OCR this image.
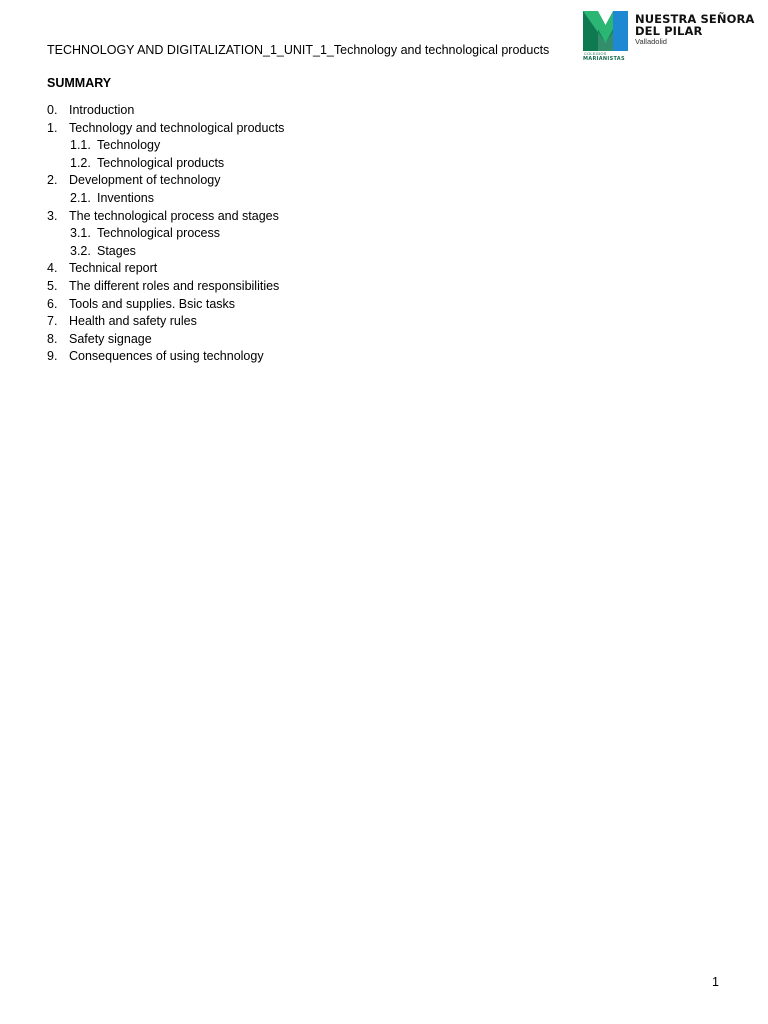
COLEGIOS
MARIANISTAS
NUESTRA SEÑORA
DEL PILAR
Valladolid
TECHNOLOGY AND DIGITALIZATION_1_UNIT_1_Technology and technological products
SUMMARY
0. Introduction
1. Technology and technological products
1.1. Technology
1.2. Technological products
2. Development of technology
2.1. Inventions
3. The technological process and stages
3.1. Technological process
3.2. Stages
4. Technical report
5. The different roles and responsibilities
6. Tools and supplies. Bsic tasks
7. Health and safety rules
8. Safety signage
9. Consequences of using technology
1
